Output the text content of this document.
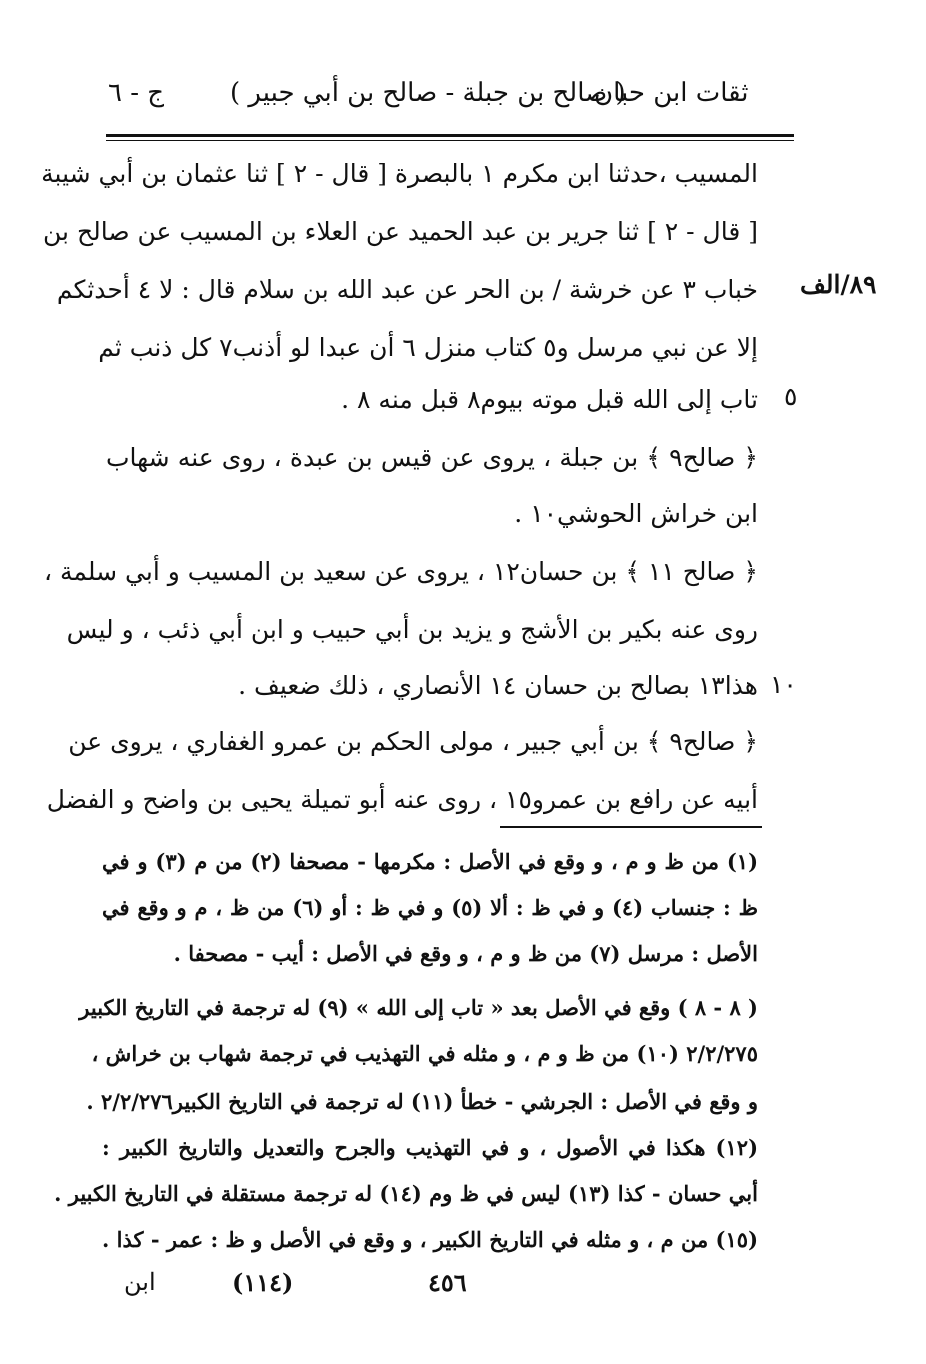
ثقات ابن حبان
( صالح بن جبلة - صالح بن أبي جبير )
ج - ٦
٨٩/الف
٥
١٠
المسيب ،حدثنا ابن مكرم ١ بالبصرة [ قال - ٢ ] ثنا عثمان بن أبي شيبة
[ قال - ٢ ] ثنا جرير بن عبد الحميد عن العلاء بن المسيب عن صالح بن
خباب ٣ عن خرشة / بن الحر عن عبد الله بن سلام قال : لا ٤ أحدثكم
إلا عن نبي مرسل و٥ كتاب منزل ٦ أن عبدا لو أذنب٧ كل ذنب ثم
تاب إلى الله قبل موته بيوم٨ قبل منه ٨ .
﴿ صالح٩ ﴾ بن جبلة ، يروى عن قيس بن عبدة ، روى عنه شهاب
ابن خراش الحوشي١٠ .
﴿ صالح ١١ ﴾ بن حسان١٢ ، يروى عن سعيد بن المسيب و أبي سلمة ،
روى عنه بكير بن الأشج و يزيد بن أبي حبيب و ابن أبي ذئب ، و ليس
هذا١٣ بصالح بن حسان ١٤ الأنصاري ، ذلك ضعيف .
﴿ صالح٩ ﴾ بن أبي جبير ، مولى الحكم بن عمرو الغفاري ، يروى عن
أبيه عن رافع بن عمرو١٥ ، روى عنه أبو تميلة يحيى بن واضح و الفضل
(١) من ظ و م ، و وقع في الأصل : مكرمها - مصحفا (٢) من م (٣) و في
ظ : جنساب (٤) و في ظ : ألا (٥) و في ظ : أو (٦) من ظ ، م و وقع في
الأصل : مرسل (٧) من ظ و م ، و وقع في الأصل : أيب - مصحفا .
( ٨ - ٨ ) وقع في الأصل بعد « تاب إلى الله » (٩) له ترجمة في التاريخ الكبير
٢/٢/٢٧٥ (١٠) من ظ و م ، و مثله في التهذيب في ترجمة شهاب بن خراش ،
و وقع في الأصل : الجرشي - خطأ (١١) له ترجمة في التاريخ الكبير٢/٢/٢٧٦ .
(١٢) هكذا في الأصول ، و في التهذيب والجرح والتعديل والتاريخ الكبير :
أبي حسان - كذا (١٣) ليس في ظ وم (١٤) له ترجمة مستقلة في التاريخ الكبير .
(١٥) من م ، و مثله في التاريخ الكبير ، و وقع في الأصل و ظ : عمر - كذا .
٤٥٦
(١١٤)
ابن
